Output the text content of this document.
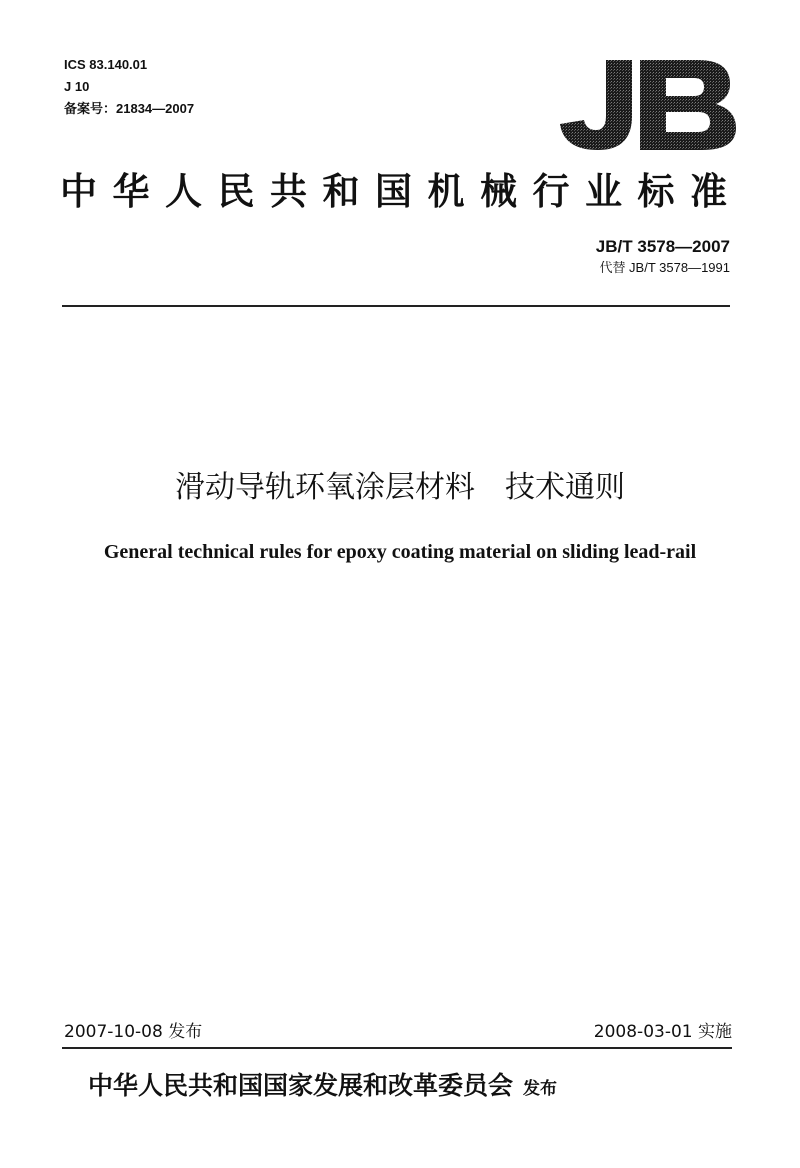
ICS 83.140.01
J 10
备案号：21834—2007
中华人民共和国机械行业标准
JB/T 3578—2007
代替 JB/T 3578—1991
滑动导轨环氧涂层材料　技术通则
General technical rules for epoxy coating material on sliding lead-rail
2007-10-08 发布	2008-03-01 实施
中华人民共和国国家发展和改革委员会 发布
